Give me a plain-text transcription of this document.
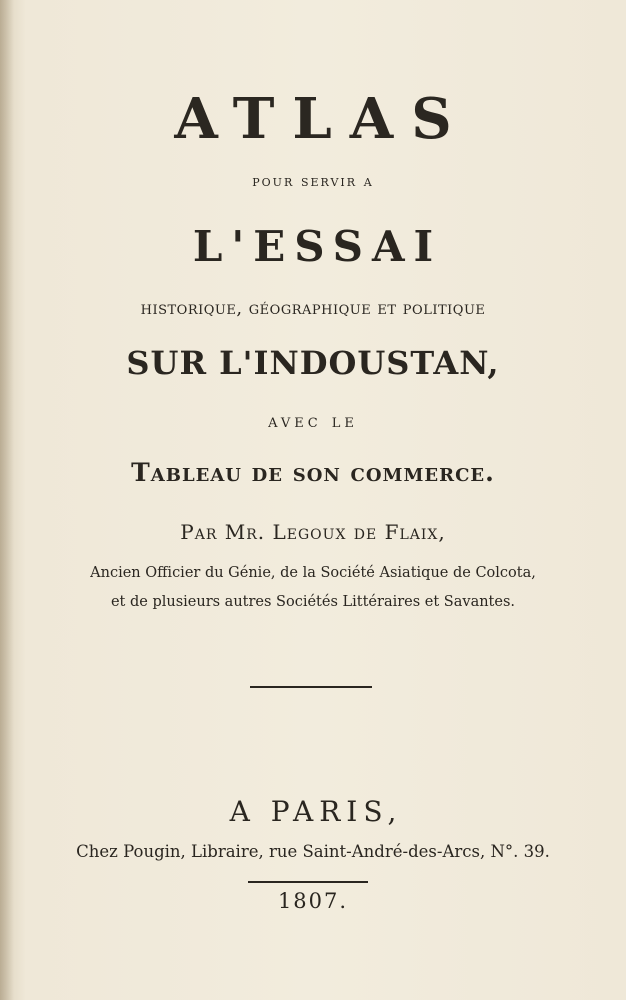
ATLAS
pour servir a
L'ESSAI
historique, géographique et politique
SUR L'INDOUSTAN,
avec le
Tableau de son commerce.
Par Mr. Legoux de Flaix,
Ancien Officier du Génie, de la Société Asiatique de Colcota,
et de plusieurs autres Sociétés Littéraires et Savantes.
A PARIS,
Chez Pougin, Libraire, rue Saint-André-des-Arcs, N°. 39.
1807.
